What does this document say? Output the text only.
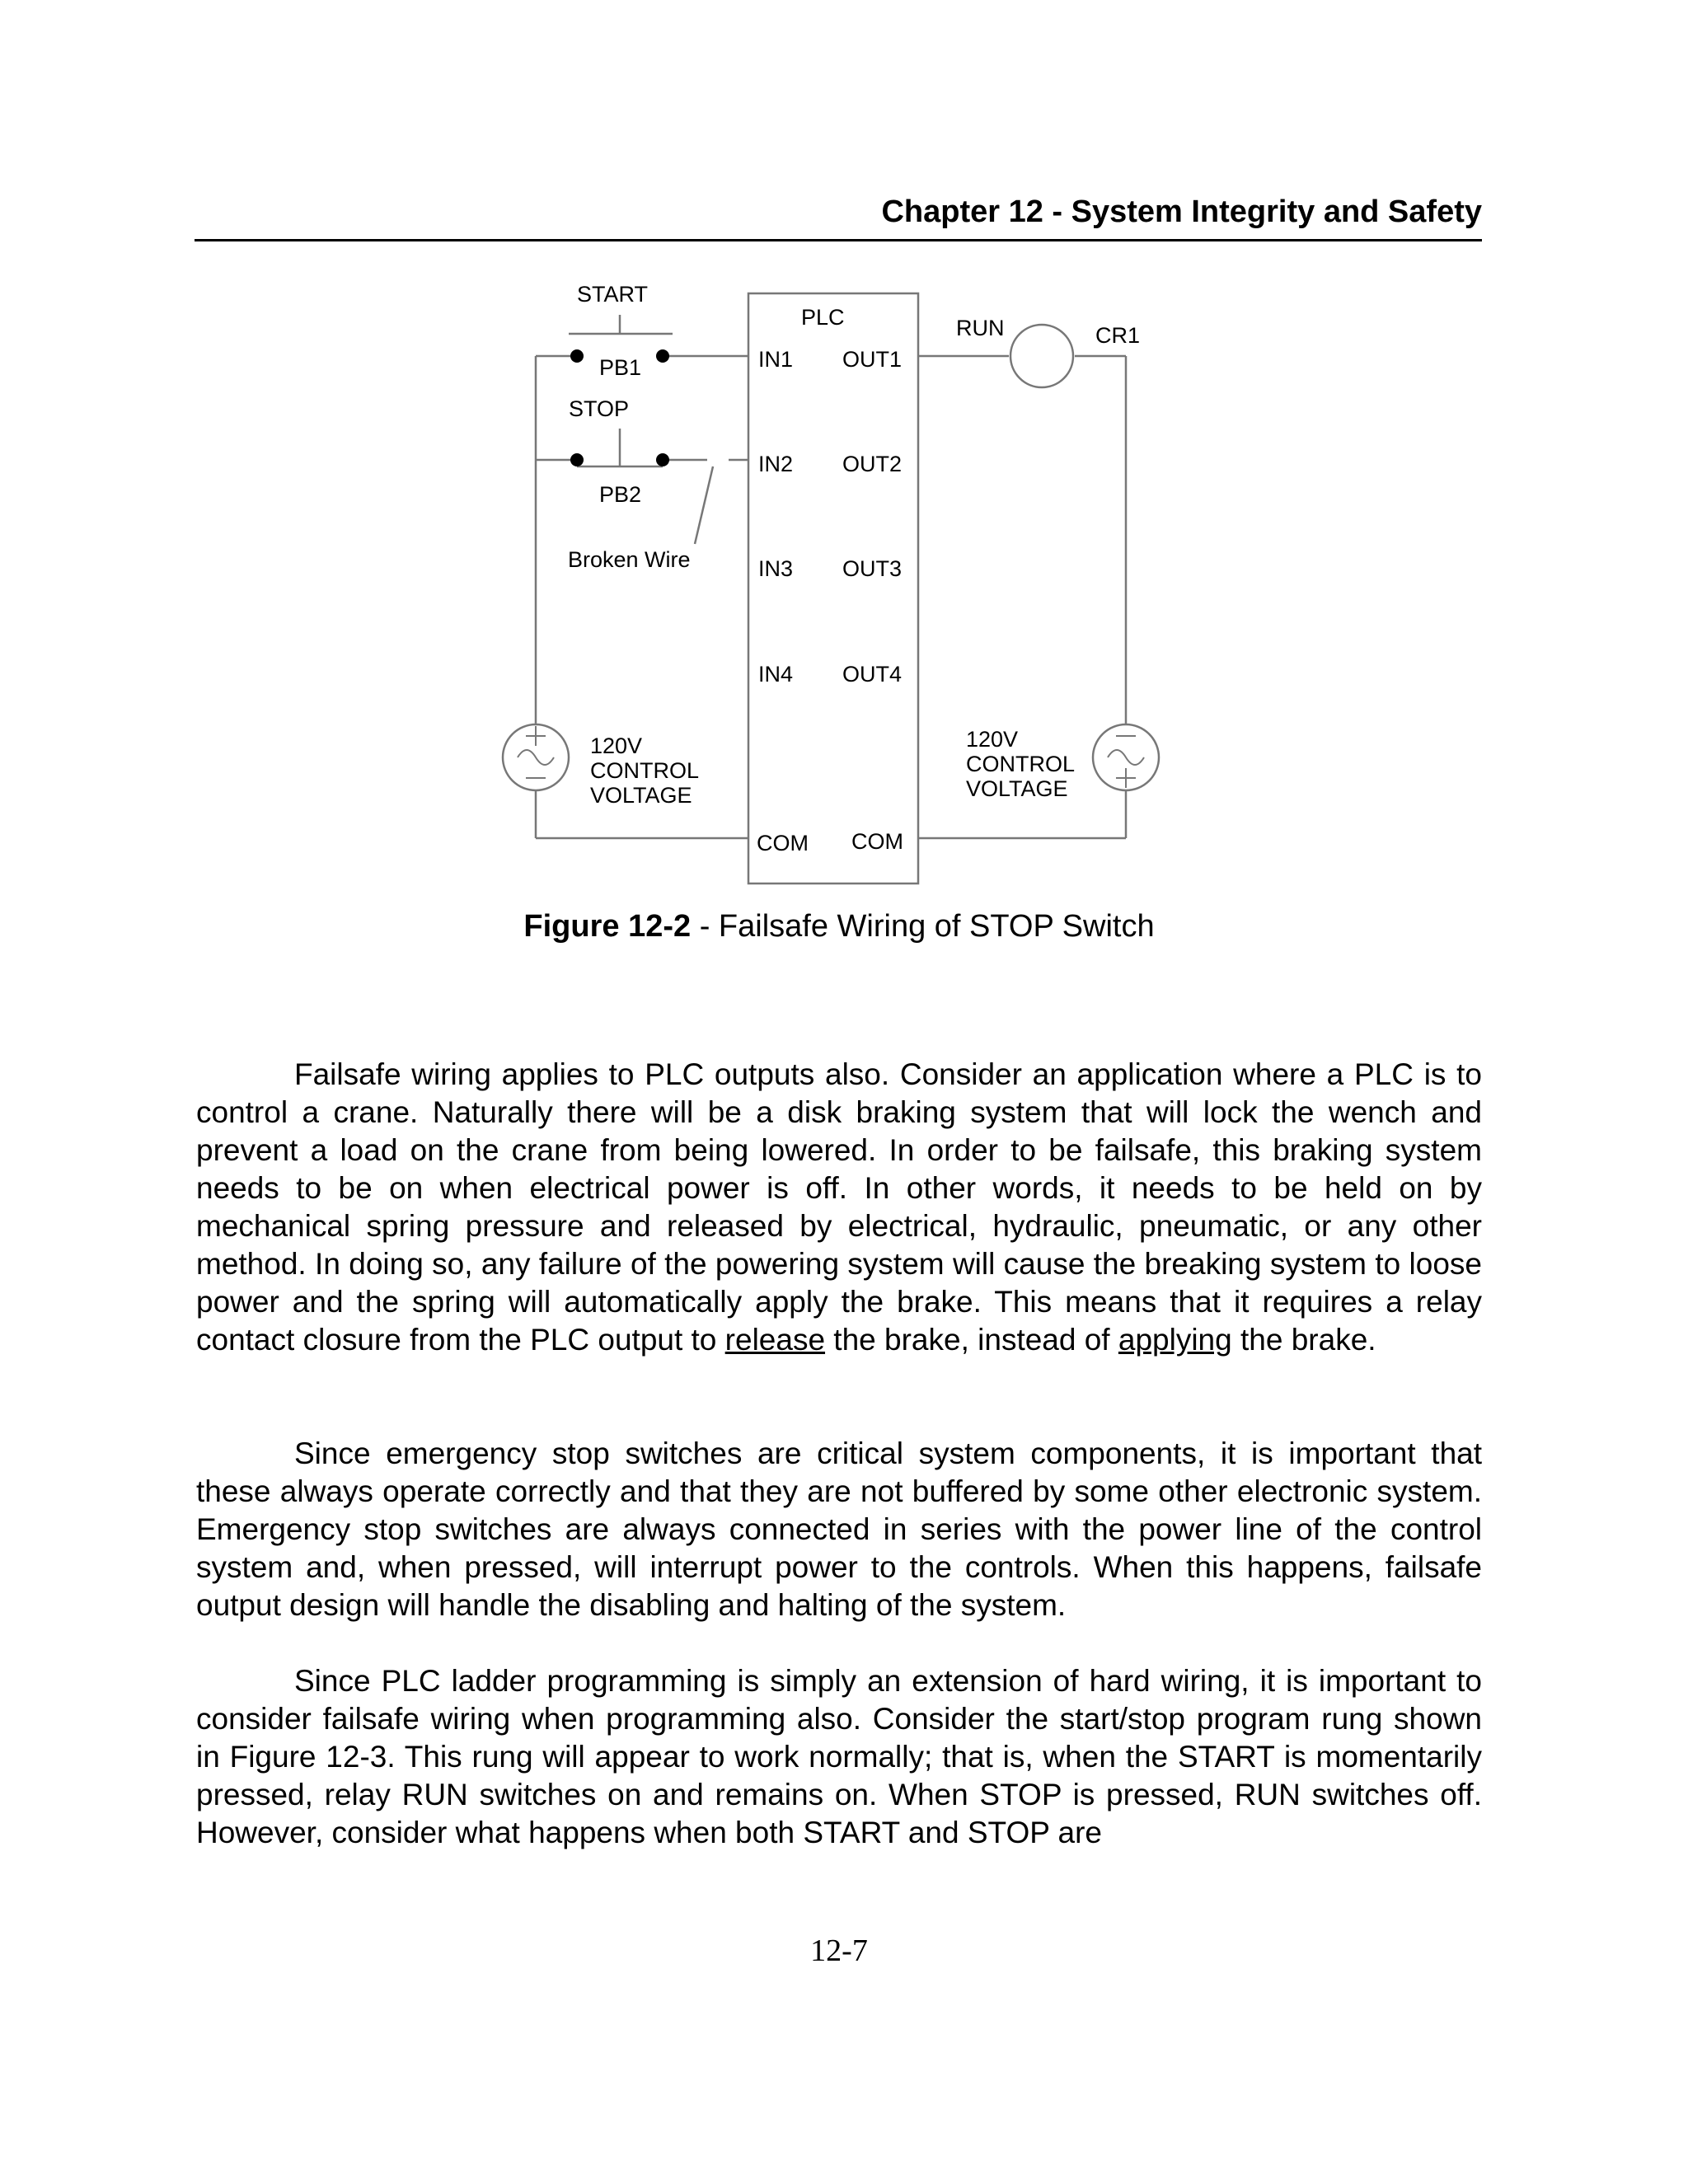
Chapter 12 - System Integrity and Safety
START
PB1
STOP
PB2
Broken Wire
PLC
IN1
IN2
IN3
IN4
OUT1
OUT2
OUT3
OUT4
COM COM
RUN	CR1
120V
CONTROL
VOLTAGE
120V
CONTROL
VOLTAGE
Figure 12-2 - Failsafe Wiring of STOP Switch

Failsafe wiring applies to PLC outputs also. Consider an application where a PLC is to control a crane. Naturally there will be a disk braking system that will lock the wench and prevent a load on the crane from being lowered. In order to be failsafe, this braking system needs to be on when electrical power is off. In other words, it needs to be held on by mechanical spring pressure and released by electrical, hydraulic, pneumatic, or any other method. In doing so, any failure of the powering system will cause the breaking system to loose power and the spring will automatically apply the brake. This means that it requires a relay contact closure from the PLC output to release the brake, instead of applying the brake.

Since emergency stop switches are critical system components, it is important that these always operate correctly and that they are not buffered by some other electronic system. Emergency stop switches are always connected in series with the power line of the control system and, when pressed, will interrupt power to the controls. When this happens, failsafe output design will handle the disabling and halting of the system.

Since PLC ladder programming is simply an extension of hard wiring, it is important to consider failsafe wiring when programming also. Consider the start/stop program rung shown in Figure 12-3. This rung will appear to work normally; that is, when the START is momentarily pressed, relay RUN switches on and remains on. When STOP is pressed, RUN switches off. However, consider what happens when both START and STOP are

12-7
